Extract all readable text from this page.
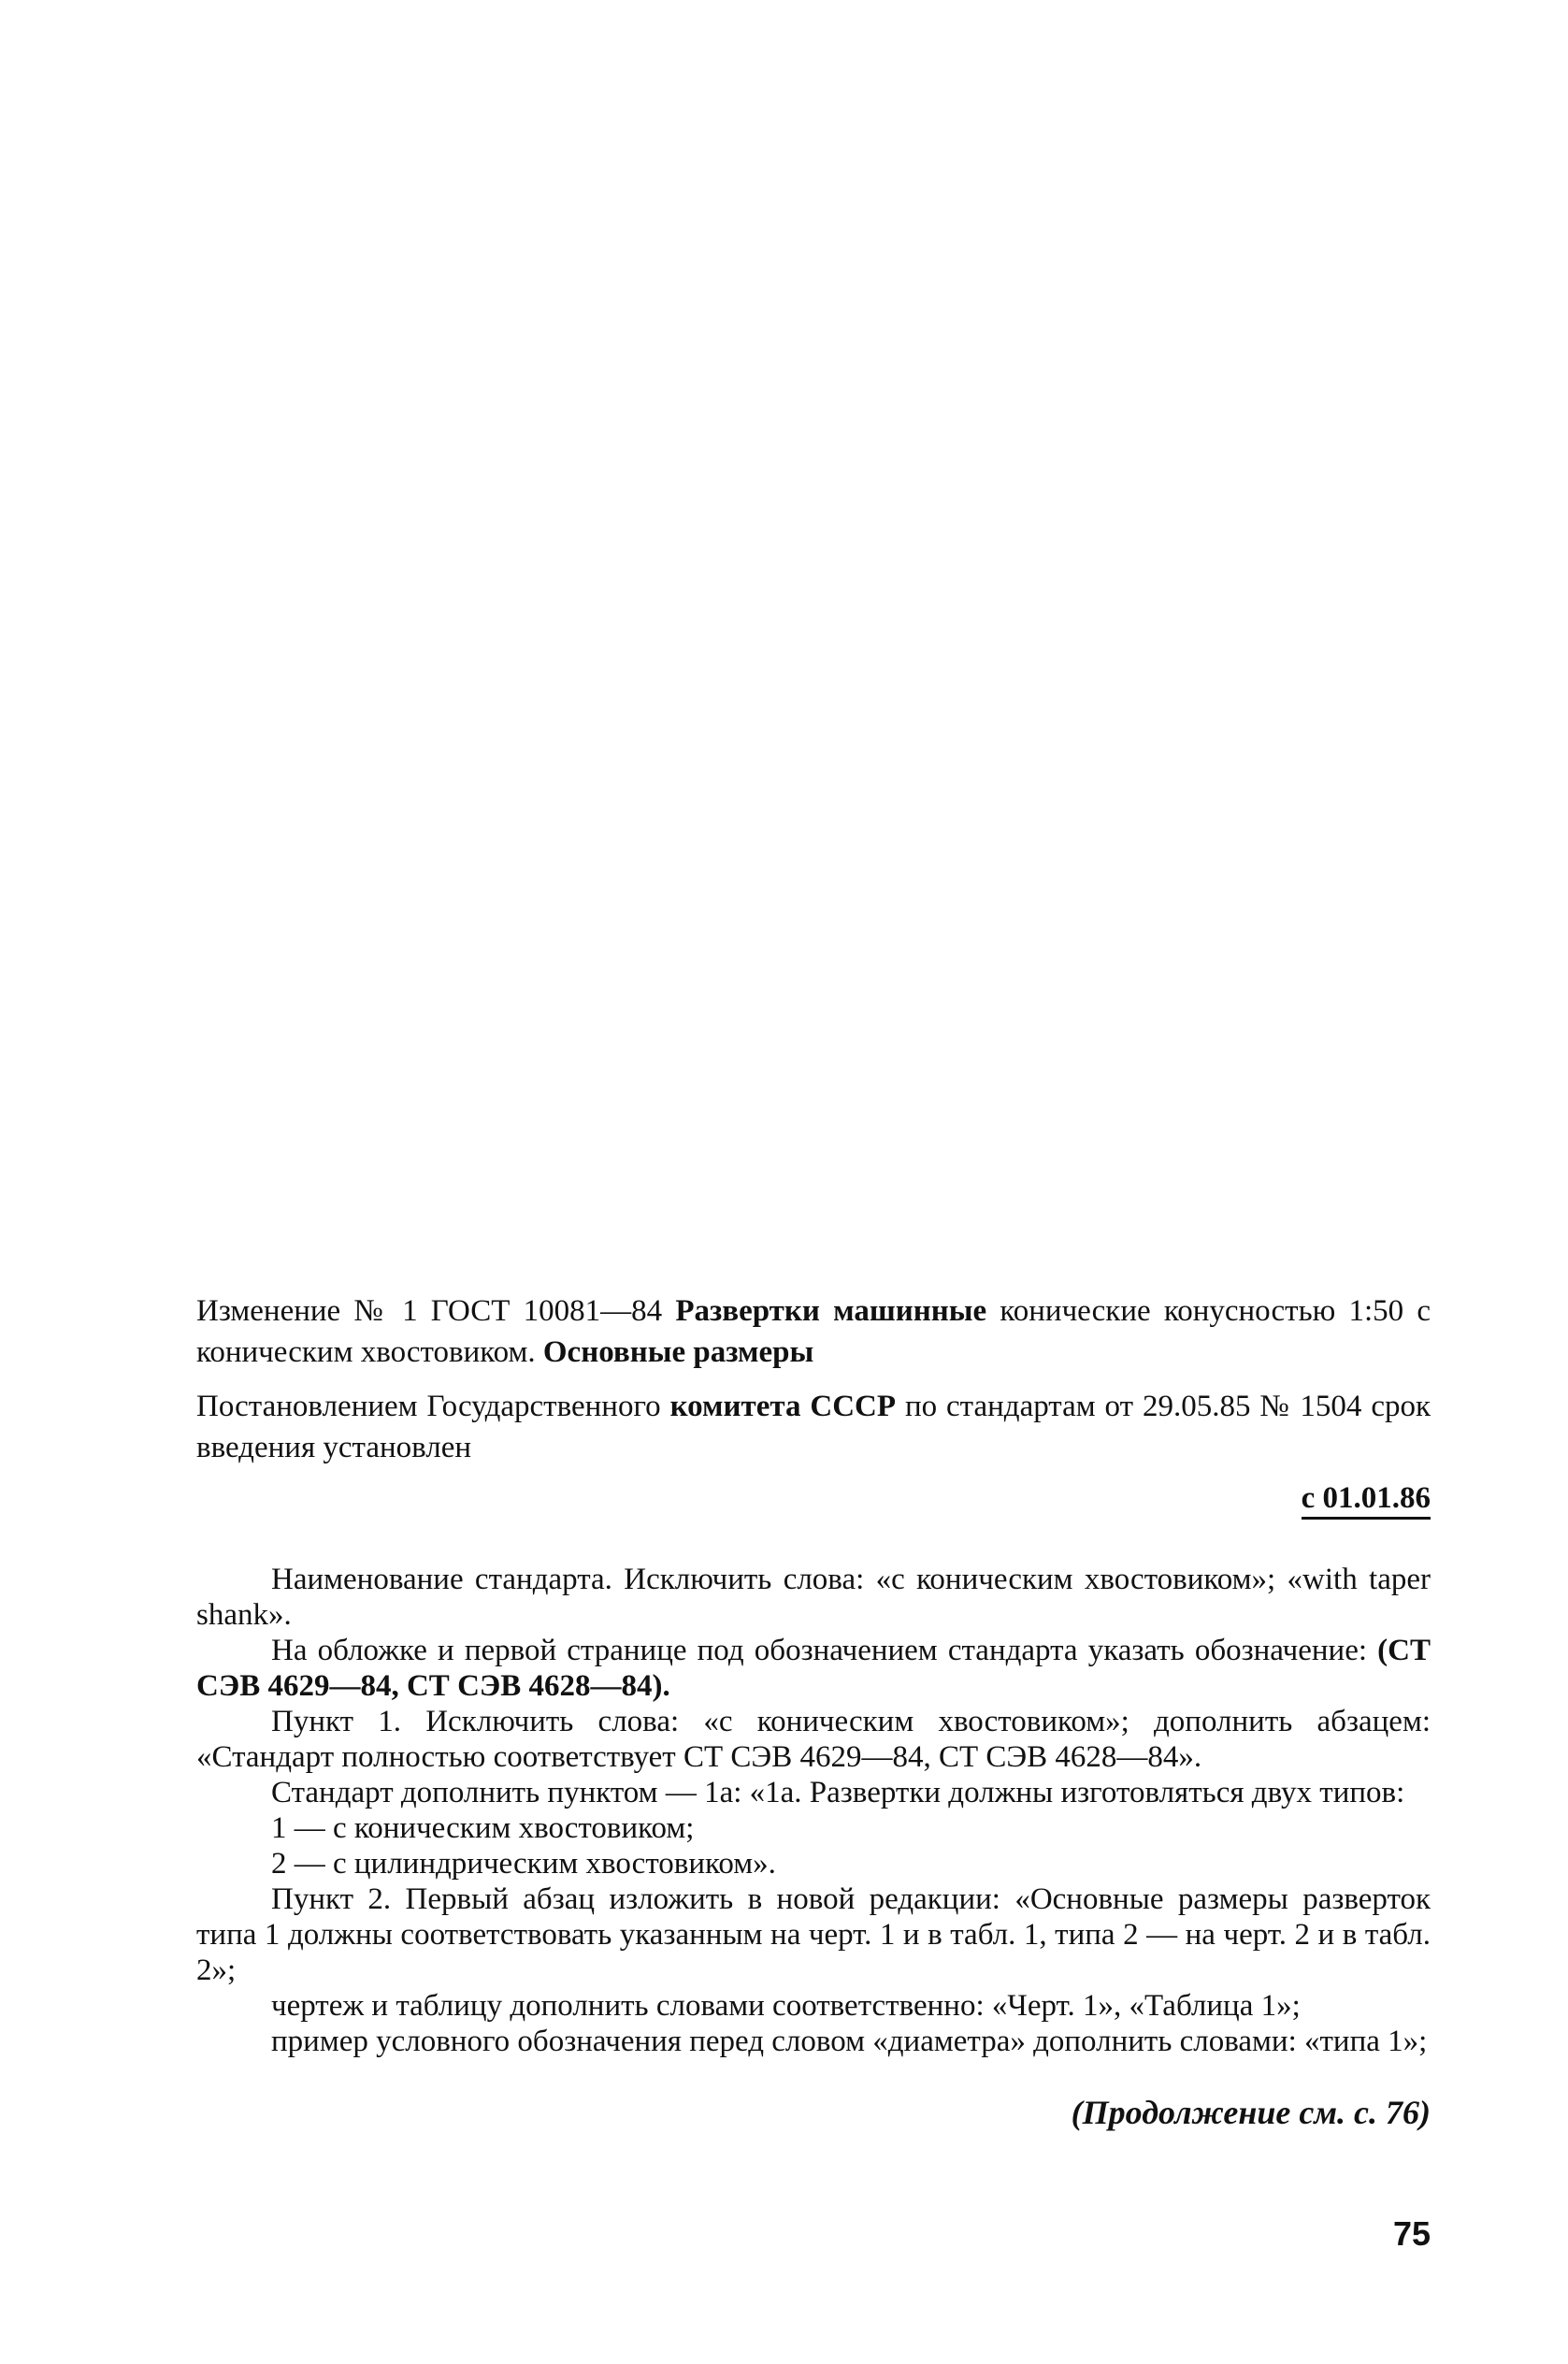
Изменение № 1 ГОСТ 10081—84 Развертки машинные конические конусностью 1:50 с коническим хвостовиком. Основные размеры

Постановлением Государственного комитета СССР по стандартам от 29.05.85 № 1504 срок введения установлен

с 01.01.86

Наименование стандарта. Исключить слова: «с коническим хвостовиком»; «with taper shank».

На обложке и первой странице под обозначением стандарта указать обозначение: (СТ СЭВ 4629—84, СТ СЭВ 4628—84).

Пункт 1. Исключить слова: «с коническим хвостовиком»; дополнить абзацем: «Стандарт полностью соответствует СТ СЭВ 4629—84, СТ СЭВ 4628—84».

Стандарт дополнить пунктом — 1а: «1а. Развертки должны изготовляться двух типов:

1 — с коническим хвостовиком;

2 — с цилиндрическим хвостовиком».

Пункт 2. Первый абзац изложить в новой редакции: «Основные размеры разверток типа 1 должны соответствовать указанным на черт. 1 и в табл. 1, типа 2 — на черт. 2 и в табл. 2»;

чертеж и таблицу дополнить словами соответственно: «Черт. 1», «Таблица 1»;

пример условного обозначения перед словом «диаметра» дополнить словами: «типа 1»;

(Продолжение см. с. 76)

75
